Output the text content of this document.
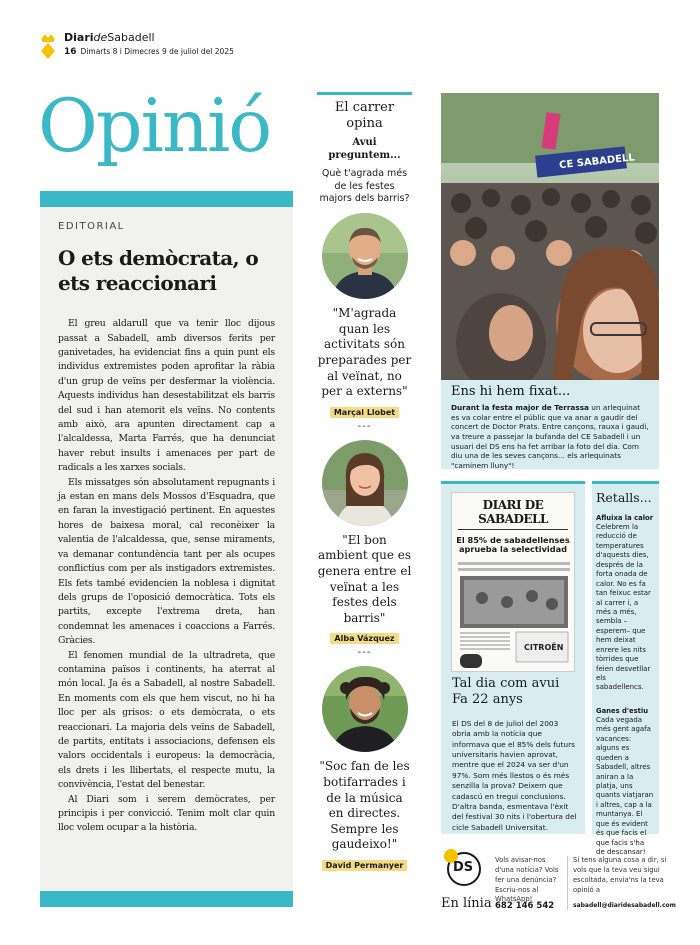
DiarideSabadell
16 Dimarts 8 i Dimecres 9 de juliol del 2025
Opinió
EDITORIAL
O ets demòcrata, o ets reaccionari

El greu aldarull que va tenir lloc dijous passat a Sabadell, amb diversos ferits per ganivetades, ha evidenciat fins a quin punt els individus extremistes poden aprofitar la ràbia d'un grup de veïns per desfermar la violència. Aquests individus han desestabilitzat els barris del sud i han atemorit els veïns. No contents amb això, ara apunten directament cap a l'alcaldessa, Marta Farrés, que ha denunciat haver rebut insults i amenaces per part de radicals a les xarxes socials.

Els missatges són absolutament repugnants i ja estan en mans dels Mossos d'Esquadra, que en faran la investigació pertinent. En aquestes hores de baixesa moral, cal reconèixer la valentia de l'alcaldessa, que, sense miraments, va demanar contundència tant per als ocupes conflictius com per als instigadors extremistes. Els fets també evidencien la noblesa i dignitat dels grups de l'oposició democràtica. Tots els partits, excepte l'extrema dreta, han condemnat les amenaces i coaccions a Farrés. Gràcies.

El fenomen mundial de la ultradreta, que contamina països i continents, ha aterrat al món local. Ja és a Sabadell, al nostre Sabadell. En moments com els que hem viscut, no hi ha lloc per als grisos: o ets demòcrata, o ets reaccionari. La majoria dels veïns de Sabadell, de partits, entitats i associacions, defensen els valors occidentals i europeus: la democràcia, els drets i les llibertats, el respecte mutu, la convivència, l'estat del benestar.

Al Diari som i serem demòcrates, per principis i per convicció. Tenim molt clar quin lloc volem ocupar a la història.

El carrer opina
Avui preguntem...
Què t'agrada més de les festes majors dels barris?
"M'agrada quan les activitats són preparades per al veïnat, no per a externs"
Marçal Llobet
---
"El bon ambient que es genera entre el veïnat a les festes dels barris"
Alba Vázquez
---
"Soc fan de les botifarrades i de la música en directes. Sempre les gaudeixo!"
David Permanyer
CE SABADELL
Ens hi hem fixat...
Durant la festa major de Terrassa un arlequinat es va colar entre el públic que va anar a gaudir del concert de Doctor Prats. Entre cançons, rauxa i gaudi, va treure a passejar la bufanda del CE Sabadell i un usuari del DS ens ha fet arribar la foto del dia. Com diu una de les seves cançons... els arlequinats "caminem lluny"!
DIARI DE SABADELL
El 85% de sabadellenses aprueba la selectividad
CITROËN
Tal dia com avui
Fa 22 anys
El DS del 8 de juliol del 2003 obria amb la notícia que informava que el 85% dels futurs universitaris havien aprovat, mentre que el 2024 va ser d'un 97%. Som més llestos o és més senzilla la prova? Deixem que cadascú en tregui conclusions. D'altra banda, esmentava l'èxit del festival 30 nits i l'obertura del cicle Sabadell Universitat.
Retalls...
Afluixa la calor
Celebrem la reducció de temperatures d'aquests dies, després de la forta onada de calor. No es fa tan feixuc estar al carrer i, a més a més, sembla –esperem– que hem deixat enrere les nits tòrrides que feien desvetllar els sabadellencs.
Ganes d'estiu
Cada vegada més gent agafa vacances: alguns es queden a Sabadell, altres aniran a la platja, uns quants viatjaran i altres, cap a la muntanya. El que és evident és que facis el que facis s'ha de descansar!
DS
En línia
Vols avisar-nos d'una notícia? Vols fer una denúncia? Escriu-nos al WhatsApp!
682 146 542
Si tens alguna cosa a dir, si vols que la teva veu sigui escoltada, envia'ns la teva opinió a
sabadell@diaridesabadell.com
